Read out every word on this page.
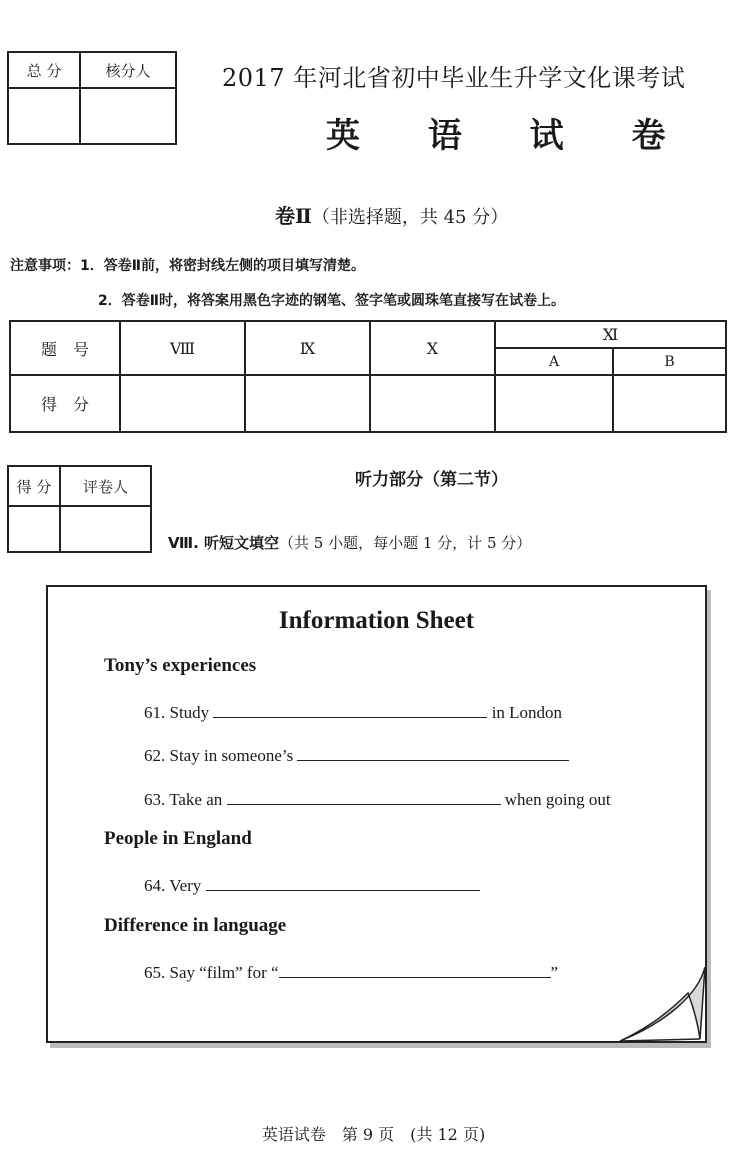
总 分	核分人
		2017 年河北省初中毕业生升学文化课考试
英 语 试 卷
卷Ⅱ（非选择题，共 45 分）
注意事项：1．答卷Ⅱ前，将密封线左侧的项目填写清楚。
2．答卷Ⅱ时，将答案用黑色字迹的钢笔、签字笔或圆珠笔直接写在试卷上。
题　号	Ⅷ	Ⅸ	Ⅹ	Ⅺ	
				A	B
得　分					
得 分	评卷人
		听力部分（第二节）
Ⅷ. 听短文填空（共 5 小题，每小题 1 分，计 5 分）
Information Sheet
Tony’s experiences
61. Study	in London
62. Stay in someone’s
63. Take an	when going out
People in England
64. Very
Difference in language
65. Say “film” for “	”
英语试卷　第 9 页　(共 12 页)
